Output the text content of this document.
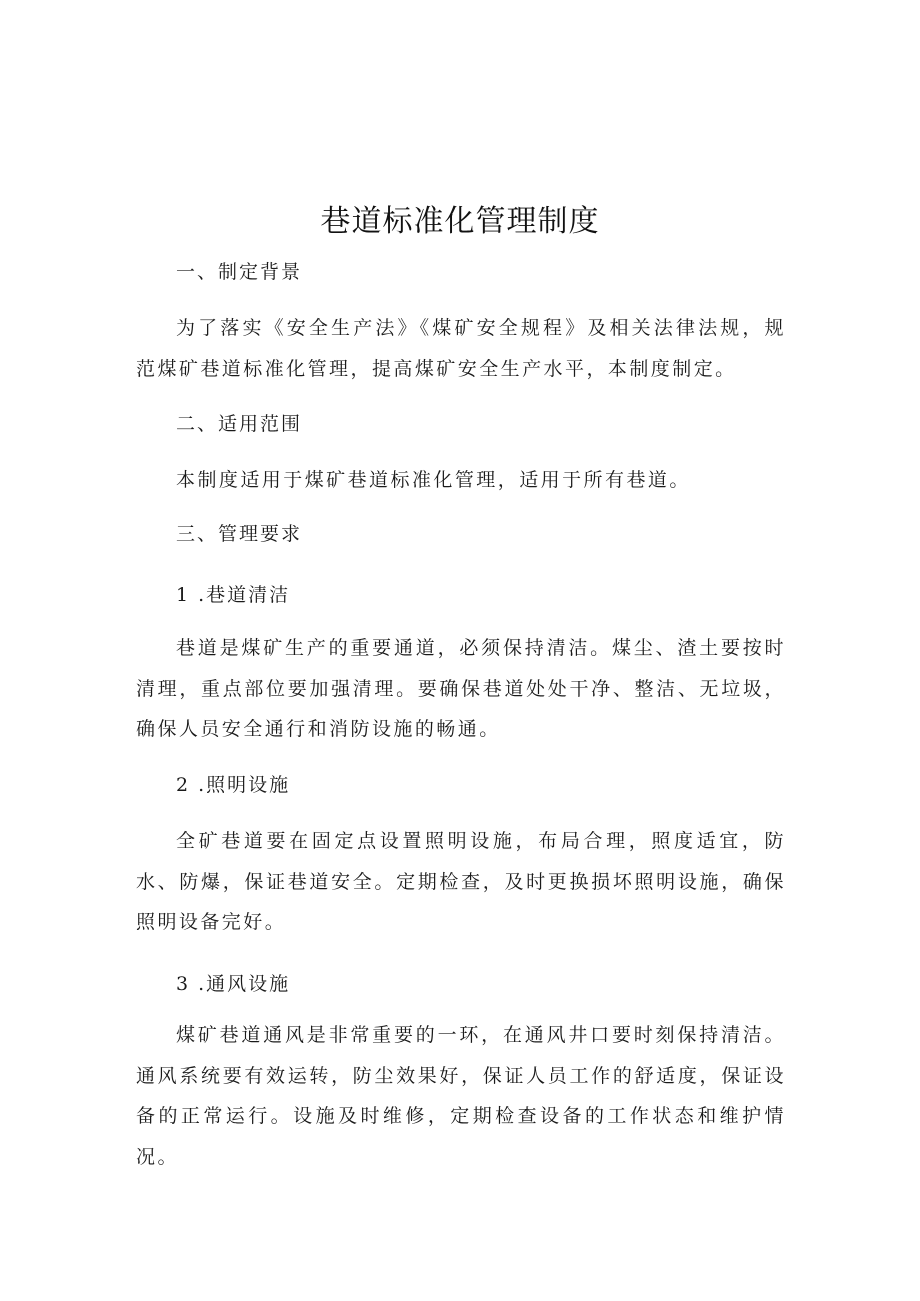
巷道标准化管理制度
一、制定背景
为了落实《安全生产法》《煤矿安全规程》及相关法律法规，规范煤矿巷道标准化管理，提高煤矿安全生产水平，本制度制定。
二、适用范围
本制度适用于煤矿巷道标准化管理，适用于所有巷道。
三、管理要求
1 .巷道清洁
巷道是煤矿生产的重要通道，必须保持清洁。煤尘、渣土要按时清理，重点部位要加强清理。要确保巷道处处干净、整洁、无垃圾，确保人员安全通行和消防设施的畅通。
2 .照明设施
全矿巷道要在固定点设置照明设施，布局合理，照度适宜，防水、防爆，保证巷道安全。定期检查，及时更换损坏照明设施，确保照明设备完好。
3 .通风设施
煤矿巷道通风是非常重要的一环，在通风井口要时刻保持清洁。通风系统要有效运转，防尘效果好，保证人员工作的舒适度，保证设备的正常运行。设施及时维修，定期检查设备的工作状态和维护情况。
